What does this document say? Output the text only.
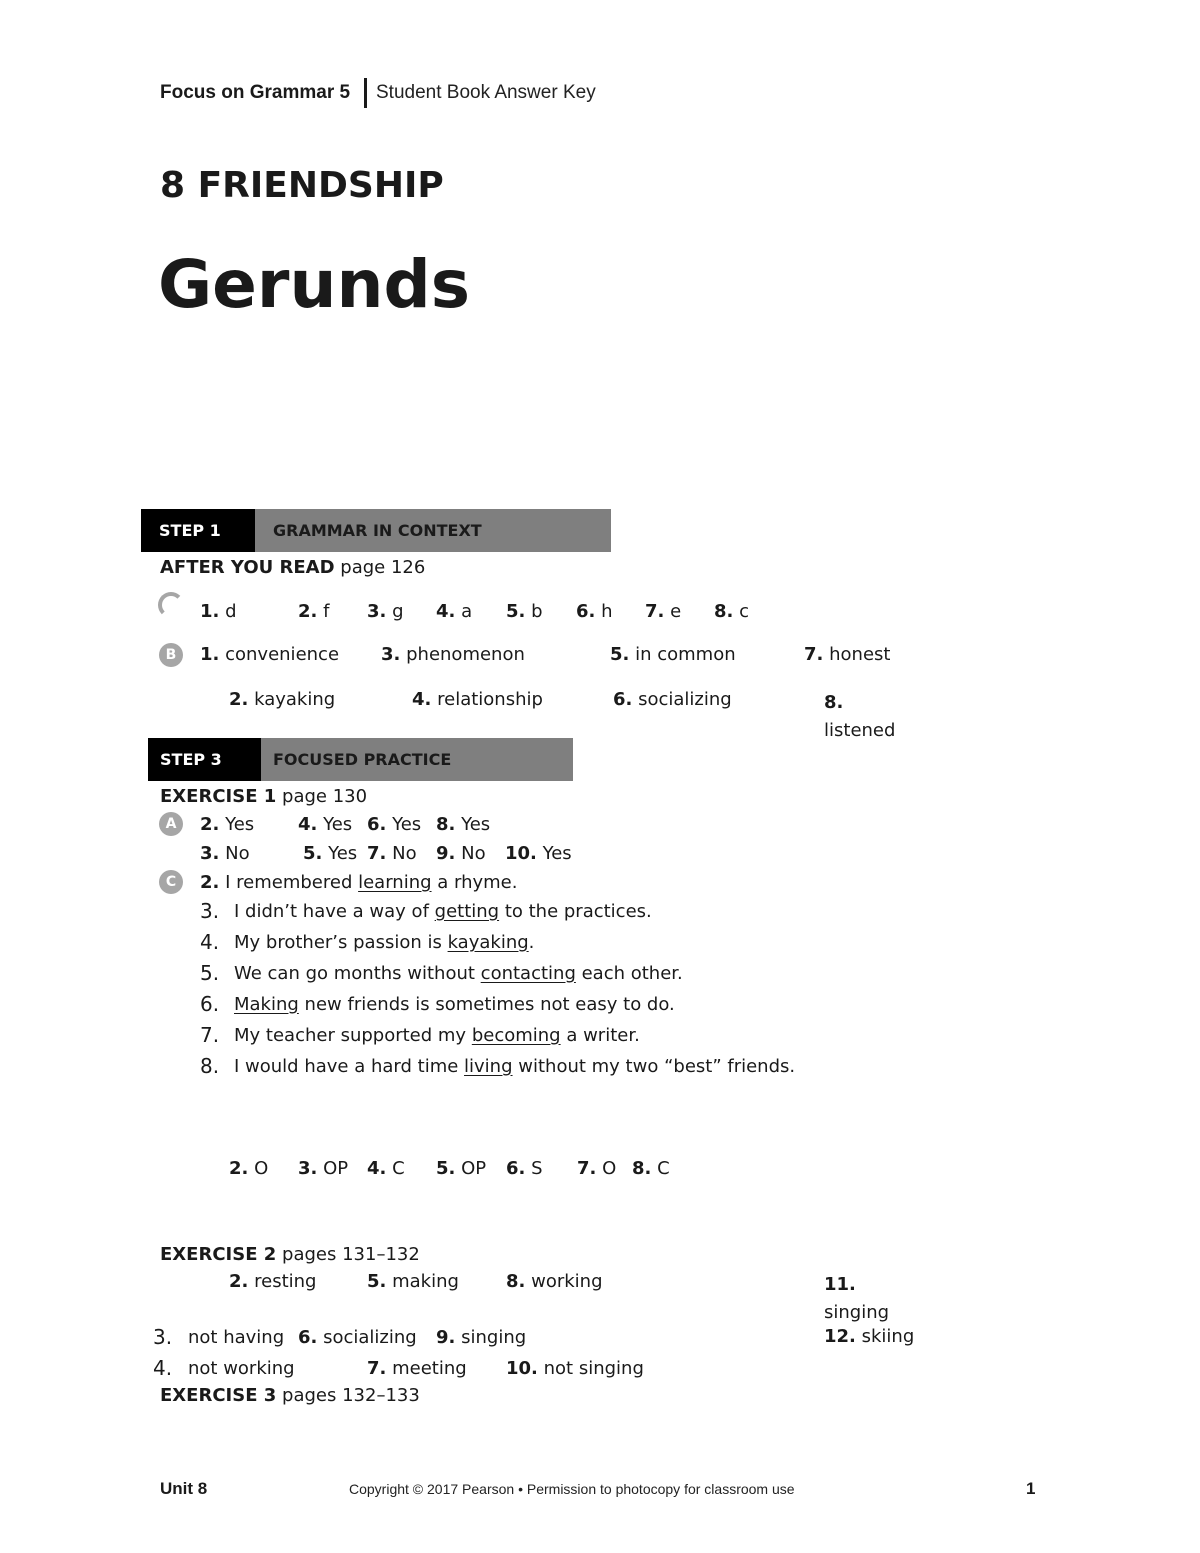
Focus on Grammar 5 Student Book Answer Key
8 FRIENDSHIP
Gerunds
STEP 1	GRAMMAR IN CONTEXT
AFTER YOU READ page 126
1. d	2. f 3. g 4. a 5. b 6. h 7. e 8. c
B	1. convenience 3. phenomenon	5. in common	7. honest
2. kayaking	4. relationship	6. socializing	8. listened
STEP 3	FOCUSED PRACTICE
EXERCISE 1 page 130
A	2. Yes 4. Yes 6. Yes 8. Yes
3. No	5. Yes 7. No 9. No 10. Yes
C	2. I remembered learning a rhyme.
3. I didn’t have a way of getting to the practices.
4. My brother’s passion is kayaking.
5. We can go months without contacting each other.
6. Making new friends is sometimes not easy to do.
7. My teacher supported my becoming a writer.
8. I would have a hard time living without my two “best” friends.
2. O 3. OP 4. C 5. OP 6. S 7. O 8. C
EXERCISE 2 pages 131–132
2. resting	5. making	8. working	11. singing
3. not having 6. socializing 9. singing	12. skiing
4. not working	7. meeting 10. not singing
EXERCISE 3 pages 132–133
Unit 8	Copyright © 2017 Pearson • Permission to photocopy for classroom use	1
